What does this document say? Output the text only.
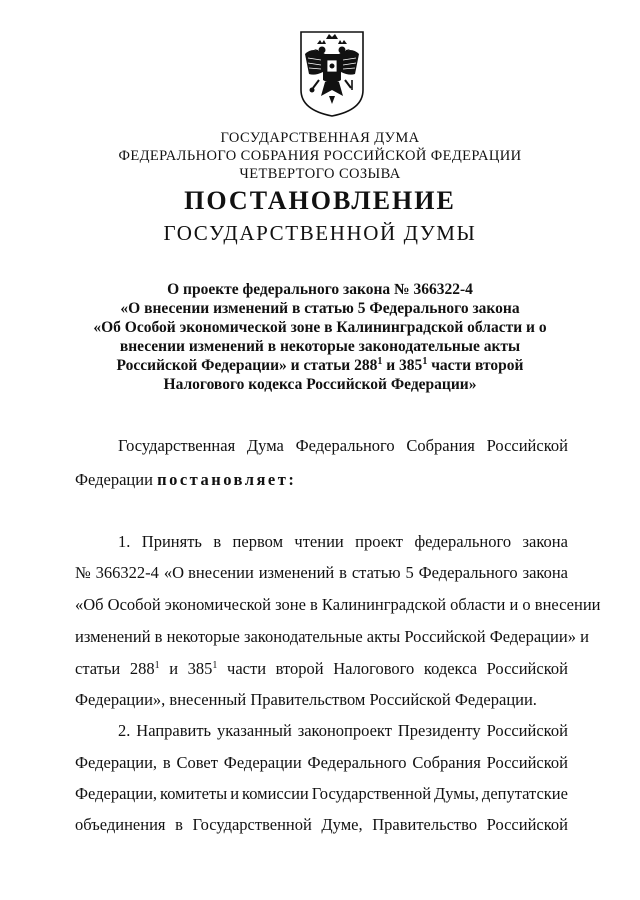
ГОСУДАРСТВЕННАЯ ДУМА
ФЕДЕРАЛЬНОГО СОБРАНИЯ РОССИЙСКОЙ ФЕДЕРАЦИИ
ЧЕТВЕРТОГО СОЗЫВА
ПОСТАНОВЛЕНИЕ
ГОСУДАРСТВЕННОЙ ДУМЫ
О проекте федерального закона № 366322-4
«О внесении изменений в статью 5 Федерального закона
«Об Особой экономической зоне в Калининградской области и о
внесении изменений в некоторые законодательные акты
Российской Федерации» и статьи $288^1$ и $385^1$ части второй
Налогового кодекса Российской Федерации»
Государственная Дума Федерального Собрания Российской
Федерации постановляет:
1. Принять в первом чтении проект федерального закона
№ 366322-4 «О внесении изменений в статью 5 Федерального закона
«Об Особой экономической зоне в Калининградской области и о внесении
изменений в некоторые законодательные акты Российской Федерации» и
статьи $288^1$ и $385^1$ части второй Налогового кодекса Российской
Федерации», внесенный Правительством Российской Федерации.
2. Направить указанный законопроект Президенту Российской
Федерации, в Совет Федерации Федерального Собрания Российской
Федерации, комитеты и комиссии Государственной Думы, депутатские
объединения в Государственной Думе, Правительство Российской
